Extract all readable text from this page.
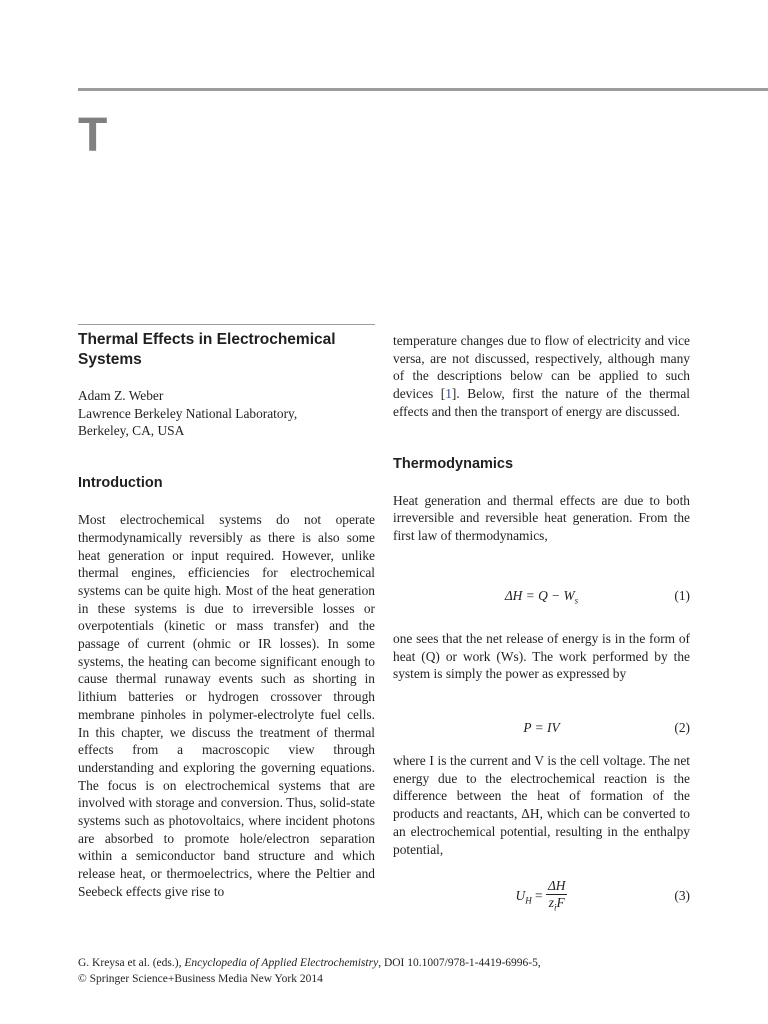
T
Thermal Effects in Electrochemical Systems

Adam Z. Weber

Lawrence Berkeley National Laboratory,

Berkeley, CA, USA

Introduction

Most electrochemical systems do not operate thermodynamically reversibly as there is also some heat generation or input required. However, unlike thermal engines, efficiencies for electrochemical systems can be quite high. Most of the heat generation in these systems is due to irreversible losses or overpotentials (kinetic or mass transfer) and the passage of current (ohmic or IR losses). In some systems, the heating can become significant enough to cause thermal runaway events such as shorting in lithium batteries or hydrogen crossover through membrane pinholes in polymer-electrolyte fuel cells. In this chapter, we discuss the treatment of thermal effects from a macroscopic view through understanding and exploring the governing equations. The focus is on electrochemical systems that are involved with storage and conversion. Thus, solid-state systems such as photovoltaics, where incident photons are absorbed to promote hole/electron separation within a semiconductor band structure and which release heat, or thermoelectrics, where the Peltier and Seebeck effects give rise to

temperature changes due to flow of electricity and vice versa, are not discussed, respectively, although many of the descriptions below can be applied to such devices [1]. Below, first the nature of the thermal effects and then the transport of energy are discussed.

Thermodynamics

Heat generation and thermal effects are due to both irreversible and reversible heat generation. From the first law of thermodynamics,

$\Delta H = Q - W_s$	(1)

one sees that the net release of energy is in the form of heat (Q) or work (Ws). The work performed by the system is simply the power as expressed by

P = IV	(2)

where I is the current and V is the cell voltage. The net energy due to the electrochemical reaction is the difference between the heat of formation of the products and reactants, ΔH, which can be converted to an electrochemical potential, resulting in the enthalpy potential,

$U_H = \frac{\Delta H}{z_iF}$	(3)
G. Kreysa et al. (eds.), Encyclopedia of Applied Electrochemistry, DOI 10.1007/978-1-4419-6996-5,
© Springer Science+Business Media New York 2014
